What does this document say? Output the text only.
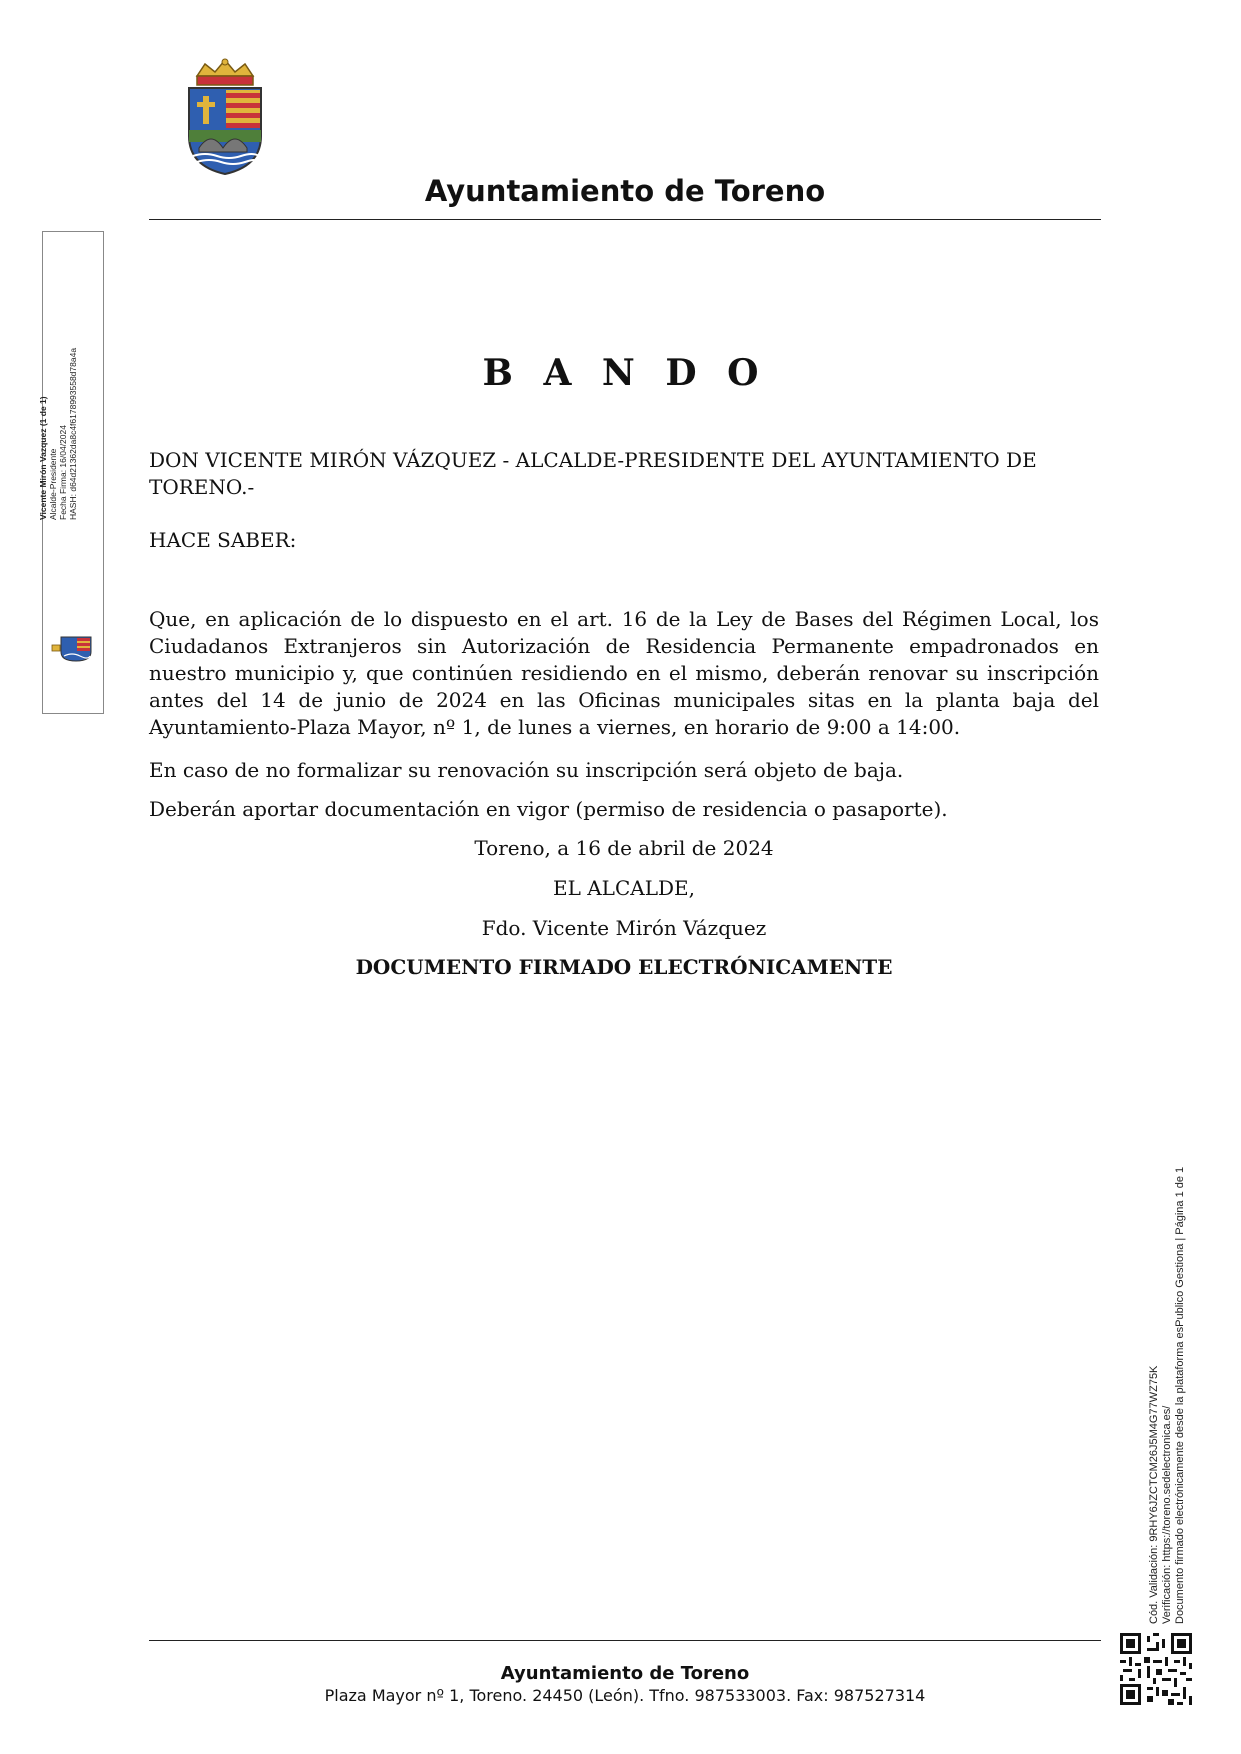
Ayuntamiento de Toreno
B A N D O
DON VICENTE MIRÓN VÁZQUEZ - ALCALDE-PRESIDENTE DEL AYUNTAMIENTO DE TORENO.-
HACE SABER:
Que, en aplicación de lo dispuesto en el art. 16 de la Ley de Bases del Régimen Local, los Ciudadanos Extranjeros sin Autorización de Residencia Permanente empadronados en nuestro municipio y, que continúen residiendo en el mismo, deberán renovar su inscripción antes del 14 de junio de 2024 en las Oficinas municipales sitas en la planta baja del Ayuntamiento-Plaza Mayor, nº 1, de lunes a viernes, en horario de 9:00 a 14:00.
En caso de no formalizar su renovación su inscripción será objeto de baja.
Deberán aportar documentación en vigor (permiso de residencia o pasaporte).
Toreno, a 16 de abril de 2024
EL ALCALDE,
Fdo. Vicente Mirón Vázquez
DOCUMENTO FIRMADO ELECTRÓNICAMENTE
Vicente Mirón Vazquez (1 de 1) Alcalde-Presidente Fecha Firma: 16/04/2024 HASH: d64d21362da8c4f6178993558d78a4a
Cód. Validación: 9RHY6JZCTCM26J5M4G77WZ75K Verificación: https://toreno.sedelectronica.es/ Documento firmado electrónicamente desde la plataforma esPublico Gestiona | Página 1 de 1
Ayuntamiento de Toreno
Plaza Mayor nº 1, Toreno. 24450 (León). Tfno. 987533003. Fax: 987527314
